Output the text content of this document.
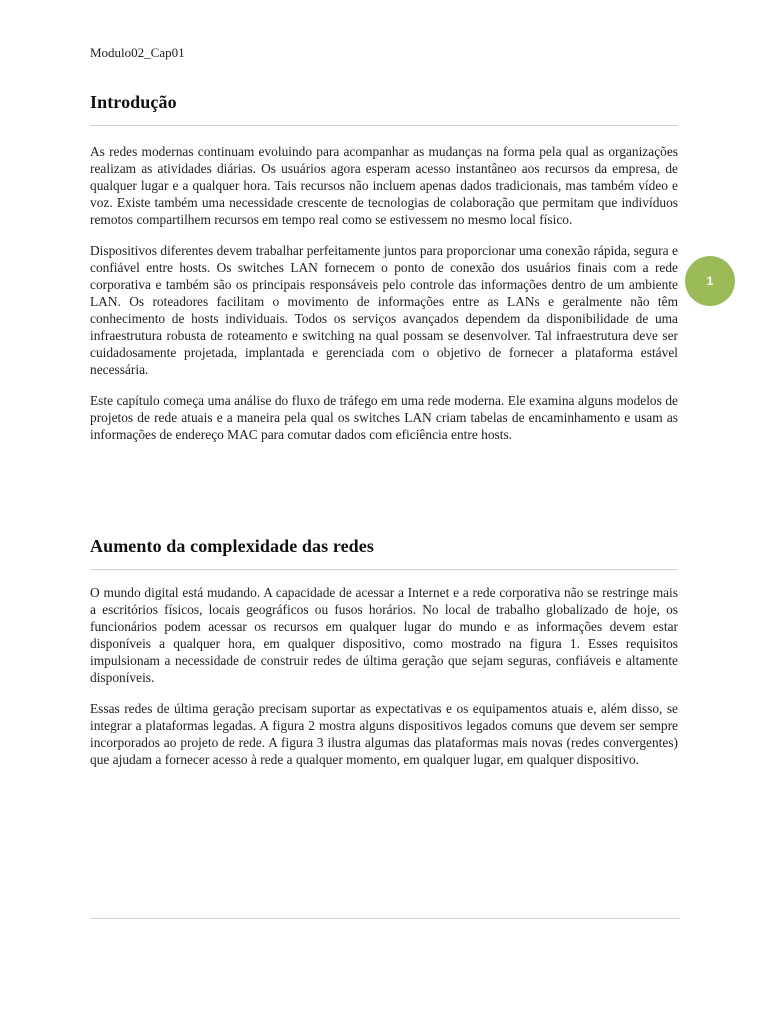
Modulo02_Cap01
Introdução

As redes modernas continuam evoluindo para acompanhar as mudanças na forma pela qual as organizações realizam as atividades diárias. Os usuários agora esperam acesso instantâneo aos recursos da empresa, de qualquer lugar e a qualquer hora. Tais recursos não incluem apenas dados tradicionais, mas também vídeo e voz. Existe também uma necessidade crescente de tecnologias de colaboração que permitam que indivíduos remotos compartilhem recursos em tempo real como se estivessem no mesmo local físico.

Dispositivos diferentes devem trabalhar perfeitamente juntos para proporcionar uma conexão rápida, segura e confiável entre hosts. Os switches LAN fornecem o ponto de conexão dos usuários finais com a rede corporativa e também são os principais responsáveis pelo controle das informações dentro de um ambiente LAN. Os roteadores facilitam o movimento de informações entre as LANs e geralmente não têm conhecimento de hosts individuais. Todos os serviços avançados dependem da disponibilidade de uma infraestrutura robusta de roteamento e switching na qual possam se desenvolver. Tal infraestrutura deve ser cuidadosamente projetada, implantada e gerenciada com o objetivo de fornecer a plataforma estável necessária.

Este capítulo começa uma análise do fluxo de tráfego em uma rede moderna. Ele examina alguns modelos de projetos de rede atuais e a maneira pela qual os switches LAN criam tabelas de encaminhamento e usam as informações de endereço MAC para comutar dados com eficiência entre hosts.

1
Aumento da complexidade das redes

O mundo digital está mudando. A capacidade de acessar a Internet e a rede corporativa não se restringe mais a escritórios físicos, locais geográficos ou fusos horários. No local de trabalho globalizado de hoje, os funcionários podem acessar os recursos em qualquer lugar do mundo e as informações devem estar disponíveis a qualquer hora, em qualquer dispositivo, como mostrado na figura 1. Esses requisitos impulsionam a necessidade de construir redes de última geração que sejam seguras, confiáveis e altamente disponíveis.

Essas redes de última geração precisam suportar as expectativas e os equipamentos atuais e, além disso, se integrar a plataformas legadas. A figura 2 mostra alguns dispositivos legados comuns que devem ser sempre incorporados ao projeto de rede. A figura 3 ilustra algumas das plataformas mais novas (redes convergentes) que ajudam a fornecer acesso à rede a qualquer momento, em qualquer lugar, em qualquer dispositivo.
